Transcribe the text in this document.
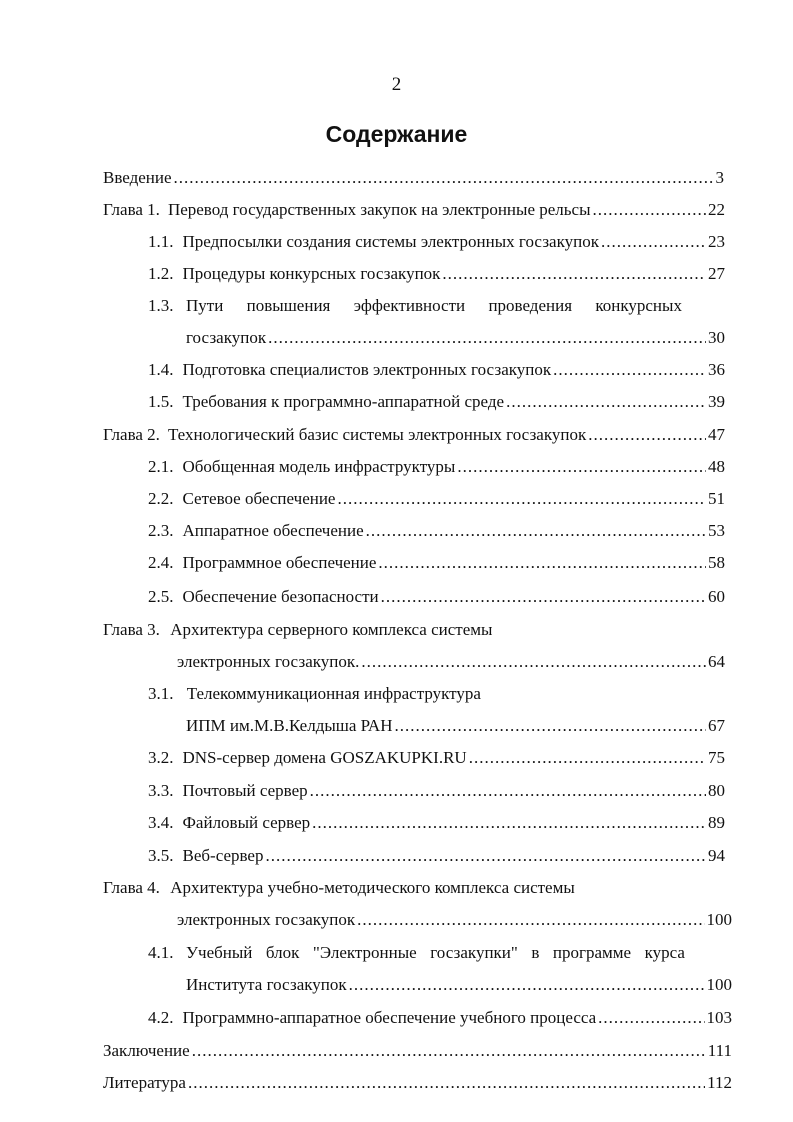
2
Содержание
Введение .....	3
Глава 1. Перевод государственных закупок на электронные рельсы .....	22
1.1. Предпосылки создания системы электронных госзакупок .....	23
1.2. Процедуры конкурсных госзакупок .....	27
1.3. Пути повышения эффективности проведения конкурсных
госзакупок .....	30
1.4. Подготовка специалистов электронных госзакупок .....	36
1.5. Требования к программно-аппаратной среде .....	39
Глава 2. Технологический базис системы электронных госзакупок .....	47
2.1. Обобщенная модель инфраструктуры .....	48
2.2. Сетевое обеспечение .....	51
2.3. Аппаратное обеспечение .....	53
2.4. Программное обеспечение .....	58
2.5. Обеспечение безопасности .....	60
Глава 3. Архитектура серверного комплекса системы
электронных госзакупок. .....	64
3.1. Телекоммуникационная инфраструктура
ИПМ им.М.В.Келдыша РАН .....	67
3.2. DNS-сервер домена GOSZAKUPKI.RU .....	75
3.3. Почтовый сервер .....	80
3.4. Файловый сервер .....	89
3.5. Веб-сервер .....	94
Глава 4. Архитектура учебно-методического комплекса системы
электронных госзакупок .....	100
4.1. Учебный блок "Электронные госзакупки" в программе курса
Института госзакупок .....	100
4.2. Программно-аппаратное обеспечение учебного процесса .....	103
Заключение .....	111
Литература .....	112
